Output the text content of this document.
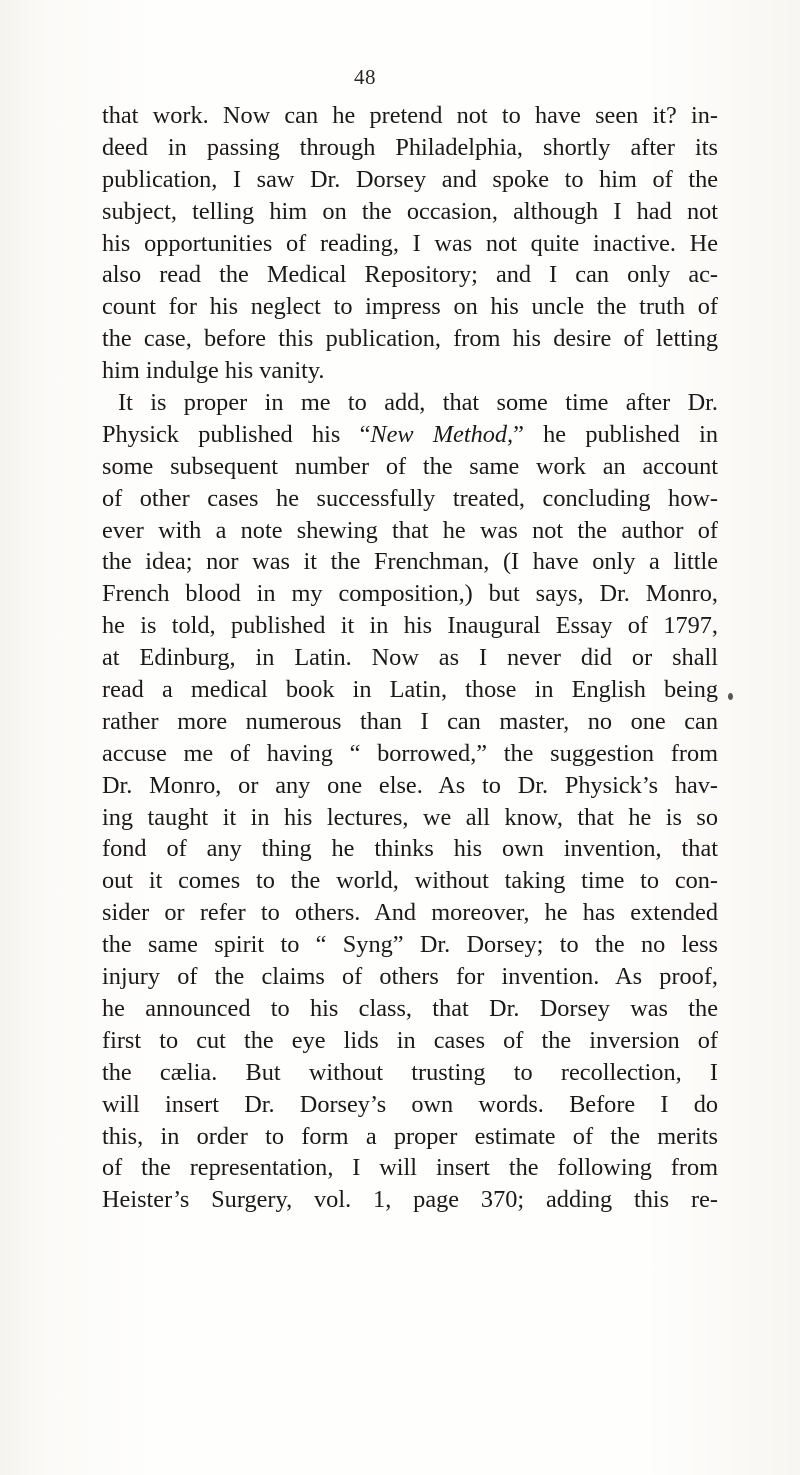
48
that work. Now can he pretend not to have seen it? in-
deed in passing through Philadelphia, shortly after its
publication, I saw Dr. Dorsey and spoke to him of the
subject, telling him on the occasion, although I had not
his opportunities of reading, I was not quite inactive. He
also read the Medical Repository; and I can only ac-
count for his neglect to impress on his uncle the truth of
the case, before this publication, from his desire of letting
him indulge his vanity.
It is proper in me to add, that some time after Dr.
Physick published his “New Method,” he published in
some subsequent number of the same work an account
of other cases he successfully treated, concluding how-
ever with a note shewing that he was not the author of
the idea; nor was it the Frenchman, (I have only a little
French blood in my composition,) but says, Dr. Monro,
he is told, published it in his Inaugural Essay of 1797,
at Edinburg, in Latin. Now as I never did or shall
read a medical book in Latin, those in English being
rather more numerous than I can master, no one can
accuse me of having “ borrowed,” the suggestion from
Dr. Monro, or any one else. As to Dr. Physick’s hav-
ing taught it in his lectures, we all know, that he is so
fond of any thing he thinks his own invention, that
out it comes to the world, without taking time to con-
sider or refer to others. And moreover, he has extended
the same spirit to “ Syng” Dr. Dorsey; to the no less
injury of the claims of others for invention. As proof,
he announced to his class, that Dr. Dorsey was the
first to cut the eye lids in cases of the inversion of
the cælia. But without trusting to recollection, I
will insert Dr. Dorsey’s own words. Before I do
this, in order to form a proper estimate of the merits
of the representation, I will insert the following from
Heister’s Surgery, vol. 1, page 370; adding this re-
